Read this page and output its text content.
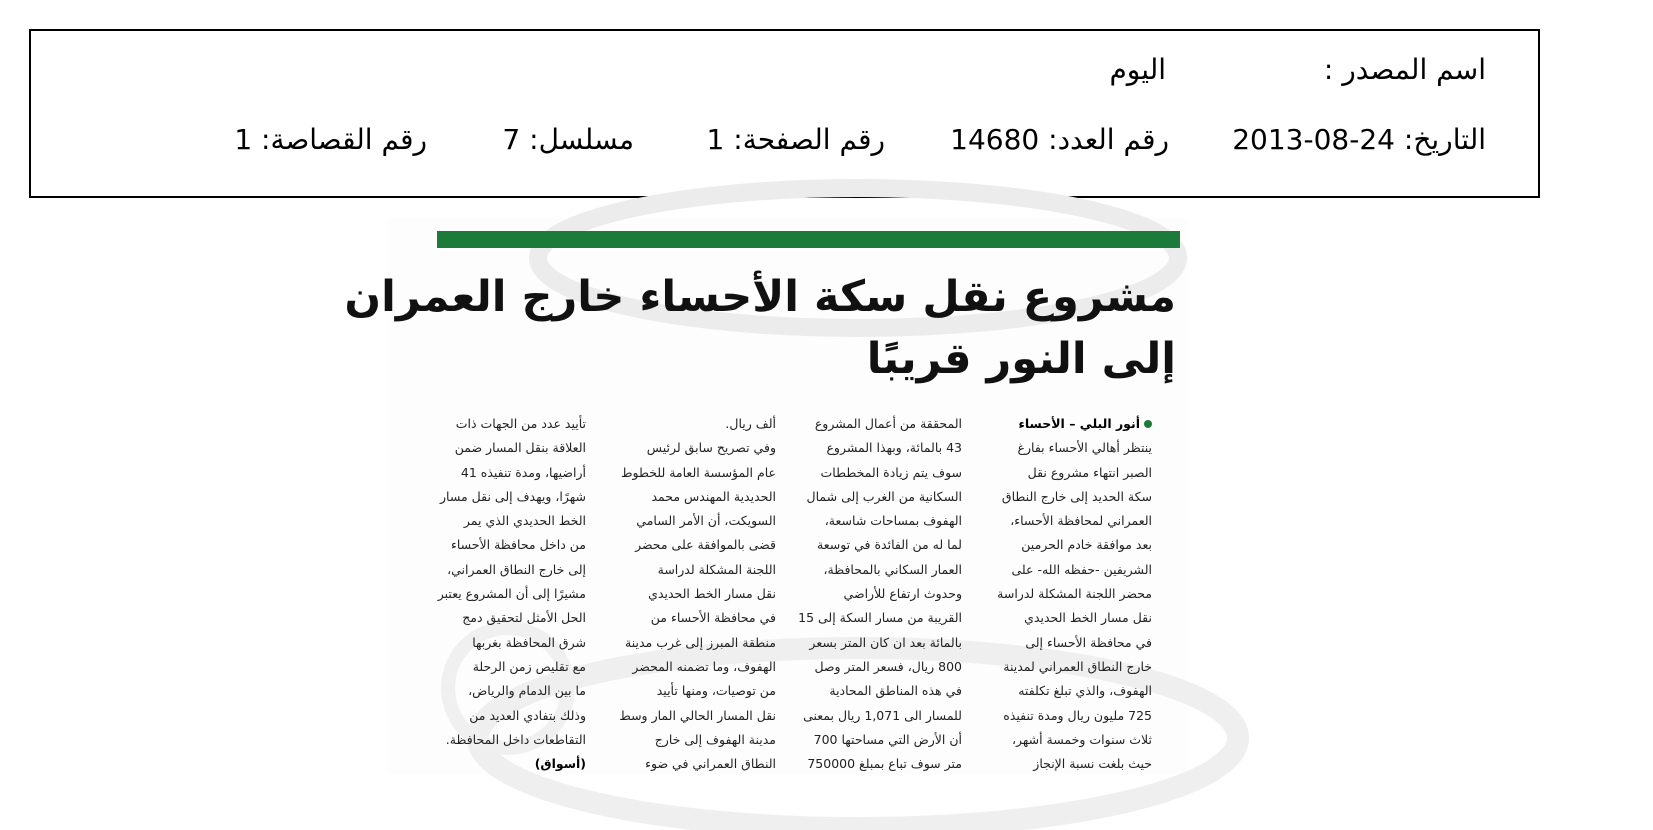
اسم المصدر :
اليوم
التاريخ: 24-08-2013
رقم العدد: 14680
رقم الصفحة: 1
مسلسل: 7
رقم القصاصة: 1
مشروع نقل سكة الأحساء خارج العمران
إلى النور قريبًا
أنور البلي – الأحساء
ينتظر أهالي الأحساء بفارغ
الصبر انتهاء مشروع نقل
سكة الحديد إلى خارج النطاق
العمراني لمحافظة الأحساء،
بعد موافقة خادم الحرمين
الشريفين -حفظه الله- على
محضر اللجنة المشكلة لدراسة
نقل مسار الخط الحديدي
في محافظة الأحساء إلى
خارج النطاق العمراني لمدينة
الهفوف، والذي تبلغ تكلفته
725 مليون ريال ومدة تنفيذه
ثلاث سنوات وخمسة أشهر،
حيث بلغت نسبة الإنجاز
المحققة من أعمال المشروع
43 بالمائة، وبهذا المشروع
سوف يتم زيادة المخططات
السكانية من الغرب إلى شمال
الهفوف بمساحات شاسعة،
لما له من الفائدة في توسعة
العمار السكاني بالمحافظة،
وحدوث ارتفاع للأراضي
القريبة من مسار السكة إلى 15
بالمائة بعد ان كان المتر بسعر
800 ريال، فسعر المتر وصل
في هذه المناطق المحادية
للمسار الى 1,071 ريال بمعنى
أن الأرض التي مساحتها 700
متر سوف تباع بمبلغ 750000
ألف ريال.
وفي تصريح سابق لرئيس
عام المؤسسة العامة للخطوط
الحديدية المهندس محمد
السويكت، أن الأمر السامي
قضى بالموافقة على محضر
اللجنة المشكلة لدراسة
نقل مسار الخط الحديدي
في محافظة الأحساء من
منطقة المبرز إلى غرب مدينة
الهفوف، وما تضمنه المحضر
من توصيات، ومنها تأييد
نقل المسار الحالي المار وسط
مدينة الهفوف إلى خارج
النطاق العمراني في ضوء
تأييد عدد من الجهات ذات
العلاقة بنقل المسار ضمن
أراضيها، ومدة تنفيذه 41
شهرًا، ويهدف إلى نقل مسار
الخط الحديدي الذي يمر
من داخل محافظة الأحساء
إلى خارج النطاق العمراني،
مشيرًا إلى أن المشروع يعتبر
الحل الأمثل لتحقيق دمج
شرق المحافظة بغربها
مع تقليص زمن الرحلة
ما بين الدمام والرياض،
وذلك بتفادي العديد من
التقاطعات داخل المحافظة.
(أسواق)
